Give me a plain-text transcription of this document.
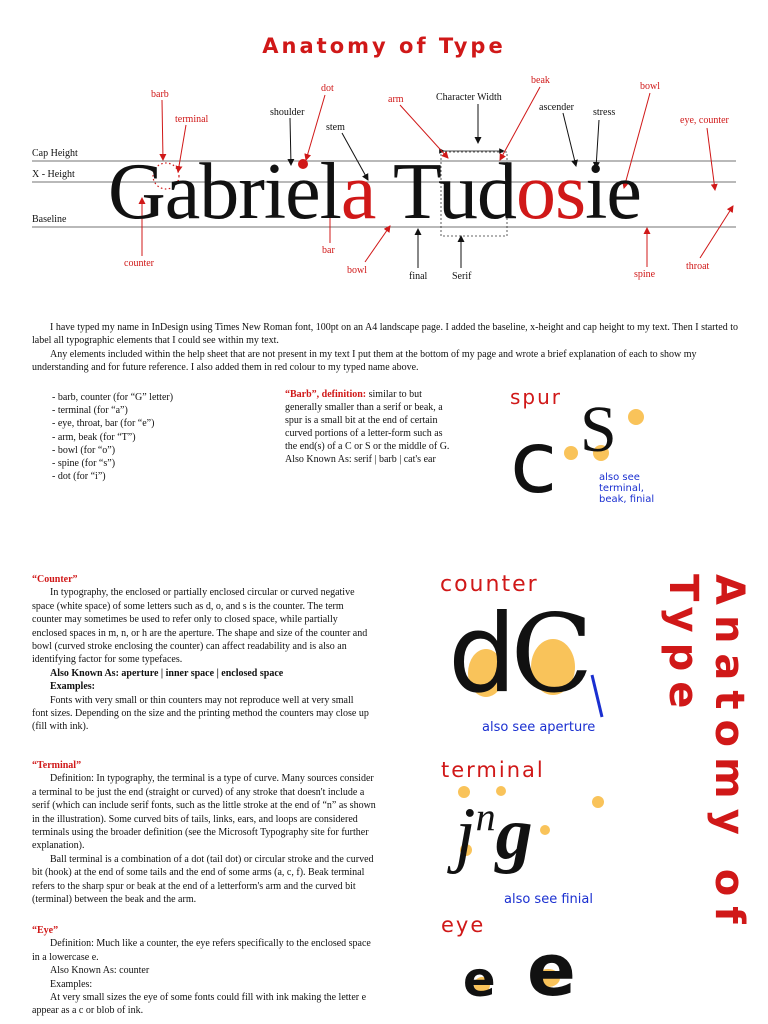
Anatomy of Type
Cap Height
X - Height
Baseline Gabriela Tudosie
barb
terminal
dot
shoulder
stem
arm	Character Width
beak
ascender stress
bowl
eye, counter
counter
bar
bowl
final Serif	spine
throat

I have typed my name in InDesign using Times New Roman font, 100pt on an A4 landscape page. I added the baseline, x-height and cap height to my text. Then I started to label all typographic elements that I could see within my text.

Any elements included within the help sheet that are not present in my text I put them at the bottom of my page and wrote a brief explanation of each to show my understanding and for future reference. I also added them in red colour to my typed name above.

- barb, counter (for “G” letter)
- terminal (for “a”)
- eye, throat, bar (for “e”)
- arm, beak (for “T”)
- bowl (for “o”)
- spine (for “s”)
- dot (for “i”)
“Barb”, definition: similar to but generally smaller than a serif or beak, a spur is a small bit at the end of certain curved portions of a letter-form such as the end(s) of a C or S or the middle of G.
Also Known As: serif | barb | cat's ear
spur
c S
also see terminal, beak, finial
“Counter”

In typography, the enclosed or partially enclosed circular or curved negative space (white space) of some letters such as d, o, and s is the counter. The term counter may sometimes be used to refer only to closed space, while partially enclosed spaces in m, n, or h are the aperture. The shape and size of the counter and bowl (curved stroke enclosing the counter) can affect readability and is also an identifying factor for some typefaces.

Also Known As: aperture | inner space | enclosed space

Examples:

Fonts with very small or thin counters may not reproduce well at very small font sizes. Depending on the size and the printing method the counters may close up (fill with ink).

“Terminal”

Definition: In typography, the terminal is a type of curve. Many sources consider a terminal to be just the end (straight or curved) of any stroke that doesn't include a serif (which can include serif fonts, such as the little stroke at the end of “n” as shown in the illustration). Some curved bits of tails, links, ears, and loops are considered terminals using the broader definition (see the Microsoft Typography site for further explanation).

Ball terminal is a combination of a dot (tail dot) or circular stroke and the curved bit (hook) at the end of some tails and the end of some arms (a, c, f). Beak terminal refers to the sharp spur or beak at the end of a letterform's arm and the curved bit (terminal) between the beak and the arm.

“Eye”

Definition: Much like a counter, the eye refers specifically to the enclosed space in a lowercase e.

Also Known As: counter

Examples:

At very small sizes the eye of some fonts could fill with ink making the letter e appear as a c or blob of ink.

counter
dC
also see aperture
terminal
$j^ng$
also see finial
eye
e e
Anatomy of Type
